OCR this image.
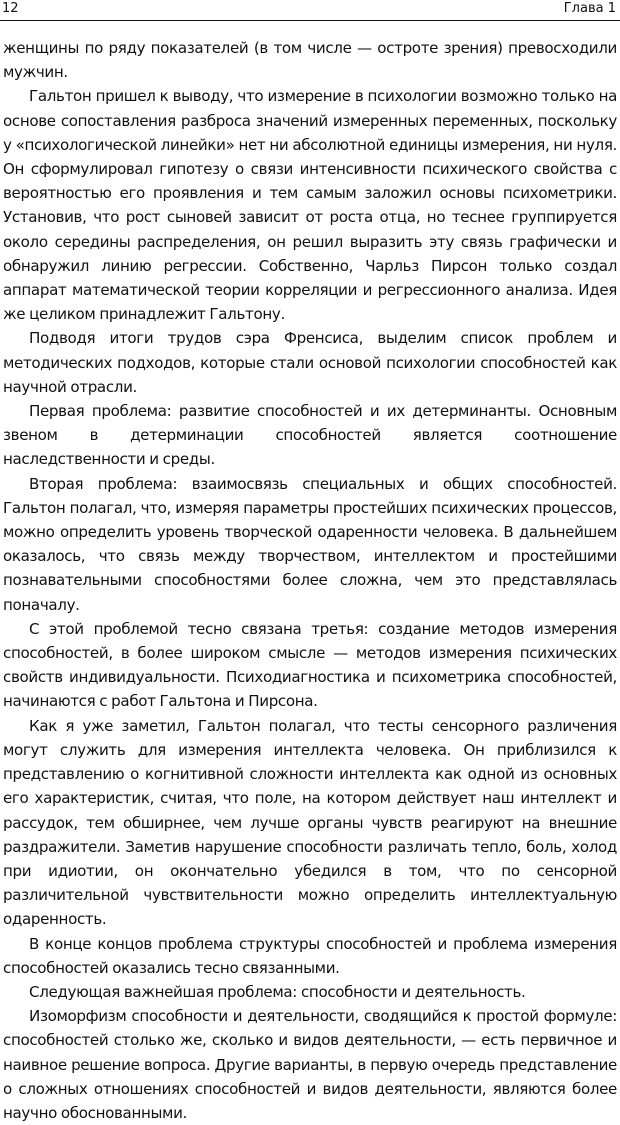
12	Глава 1

женщины по ряду показателей (в том числе — остроте зрения) превосходили мужчин.

Гальтон пришел к выводу, что измерение в психологии возможно только на основе сопоставления разброса значений измеренных переменных, поскольку у «психологической линейки» нет ни абсолютной единицы измерения, ни нуля. Он сформулировал гипотезу о связи интенсивности психического свойства с вероятностью его проявления и тем самым заложил основы психометрики. Установив, что рост сыновей зависит от роста отца, но теснее группируется около середины распределения, он решил выразить эту связь графически и обнаружил линию регрессии. Собственно, Чарльз Пирсон только создал аппарат математической теории корреляции и регрессионного анализа. Идея же целиком принадлежит Гальтону.

Подводя итоги трудов сэра Френсиса, выделим список проблем и методических подходов, которые стали основой психологии способностей как научной отрасли.

Первая проблема: развитие способностей и их детерминанты. Основным звеном в детерминации способностей является соотношение наследственности и среды.

Вторая проблема: взаимосвязь специальных и общих способностей. Гальтон полагал, что, измеряя параметры простейших психических процессов, можно определить уровень творческой одаренности человека. В дальнейшем оказалось, что связь между творчеством, интеллектом и простейшими познавательными способностями более сложна, чем это представлялась поначалу.

С этой проблемой тесно связана третья: создание методов измерения способностей, в более широком смысле — методов измерения психических свойств индивидуальности. Психодиагностика и психометрика способностей, начинаются с работ Гальтона и Пирсона.

Как я уже заметил, Гальтон полагал, что тесты сенсорного различения могут служить для измерения интеллекта человека. Он приблизился к представлению о когнитивной сложности интеллекта как одной из основных его характеристик, считая, что поле, на котором действует наш интеллект и рассудок, тем обширнее, чем лучше органы чувств реагируют на внешние раздражители. Заметив нарушение способности различать тепло, боль, холод при идиотии, он окончательно убедился в том, что по сенсорной различительной чувствительности можно определить интеллектуальную одаренность.

В конце концов проблема структуры способностей и проблема измерения способностей оказались тесно связанными.

Следующая важнейшая проблема: способности и деятельность.

Изоморфизм способности и деятельности, сводящийся к простой формуле: способностей столько же, сколько и видов деятельности, — есть первичное и наивное решение вопроса. Другие варианты, в первую очередь представление о сложных отношениях способностей и видов деятельности, являются более научно обоснованными.
